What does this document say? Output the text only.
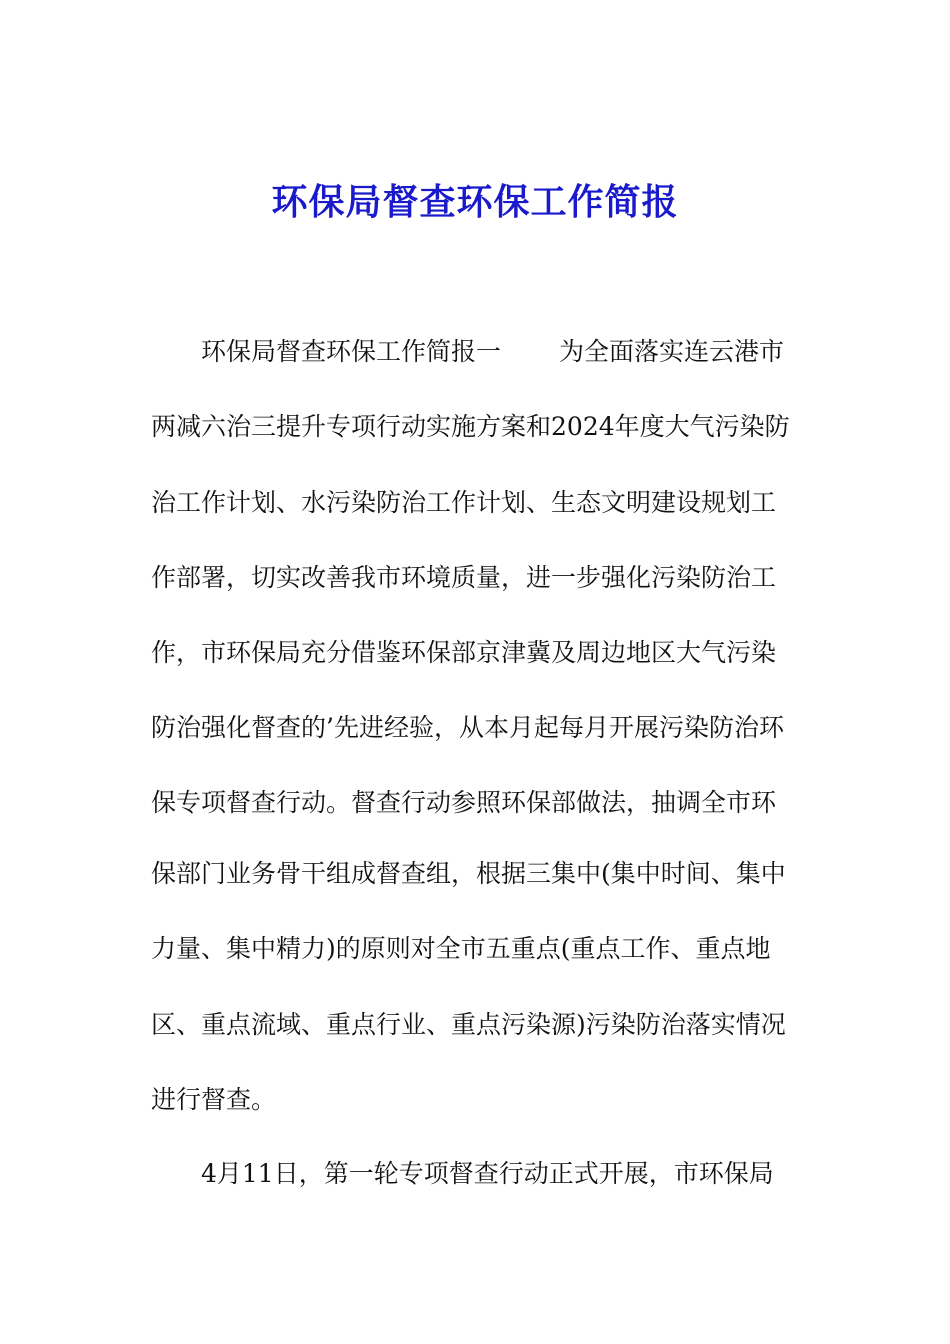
环保局督查环保工作简报
环保局督查环保工作简报一 　　为全面落实连云港市
两减六治三提升专项行动实施方案和2024年度大气污染防
治工作计划、水污染防治工作计划、生态文明建设规划工
作部署，切实改善我市环境质量，进一步强化污染防治工
作，市环保局充分借鉴环保部京津冀及周边地区大气污染
防治强化督查的’先进经验，从本月起每月开展污染防治环
保专项督查行动。督查行动参照环保部做法，抽调全市环
保部门业务骨干组成督查组，根据三集中(集中时间、集中
力量、集中精力)的原则对全市五重点(重点工作、重点地
区、重点流域、重点行业、重点污染源)污染防治落实情况
进行督查。
4月11日，第一轮专项督查行动正式开展，市环保局
